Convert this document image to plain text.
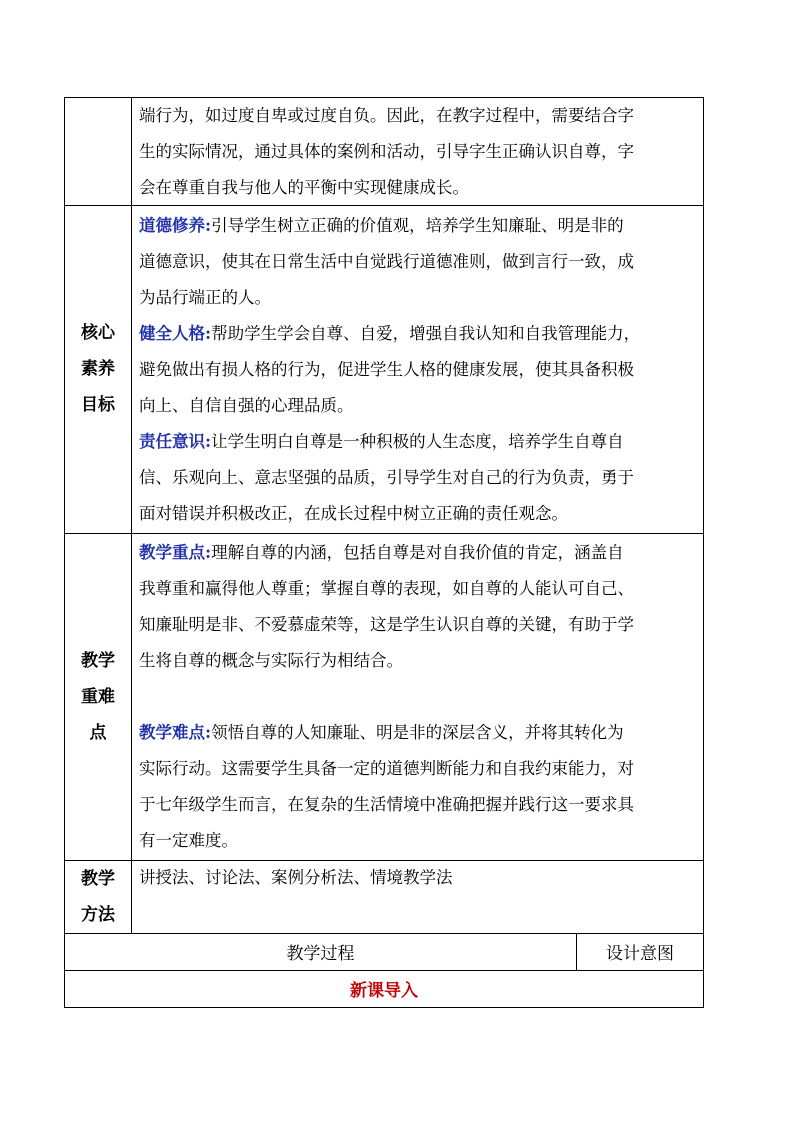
端行为，如过度自卑或过度自负。因此，在教字过程中，需要结合字
生的实际情况，通过具体的案例和活动，引导字生正确认识自尊，字
会在尊重自我与他人的平衡中实现健康成长。
核心素养目标
道德修养:引导学生树立正确的价值观，培养学生知廉耻、明是非的
道德意识，使其在日常生活中自觉践行道德准则，做到言行一致，成
为品行端正的人。
健全人格:帮助学生学会自尊、自爱，增强自我认知和自我管理能力，
避免做出有损人格的行为，促进学生人格的健康发展，使其具备积极
向上、自信自强的心理品质。
责任意识:让学生明白自尊是一种积极的人生态度，培养学生自尊自
信、乐观向上、意志坚强的品质，引导学生对自己的行为负责，勇于
面对错误并积极改正，在成长过程中树立正确的责任观念。
教学重难点
教学重点:理解自尊的内涵，包括自尊是对自我价值的肯定，涵盖自
我尊重和赢得他人尊重；掌握自尊的表现，如自尊的人能认可自己、
知廉耻明是非、不爱慕虚荣等，这是学生认识自尊的关键，有助于学
生将自尊的概念与实际行为相结合。
教学难点:领悟自尊的人知廉耻、明是非的深层含义，并将其转化为
实际行动。这需要学生具备一定的道德判断能力和自我约束能力，对
于七年级学生而言，在复杂的生活情境中准确把握并践行这一要求具
有一定难度。
教学方法
讲授法、讨论法、案例分析法、情境教学法
教学过程	设计意图
新课导入
